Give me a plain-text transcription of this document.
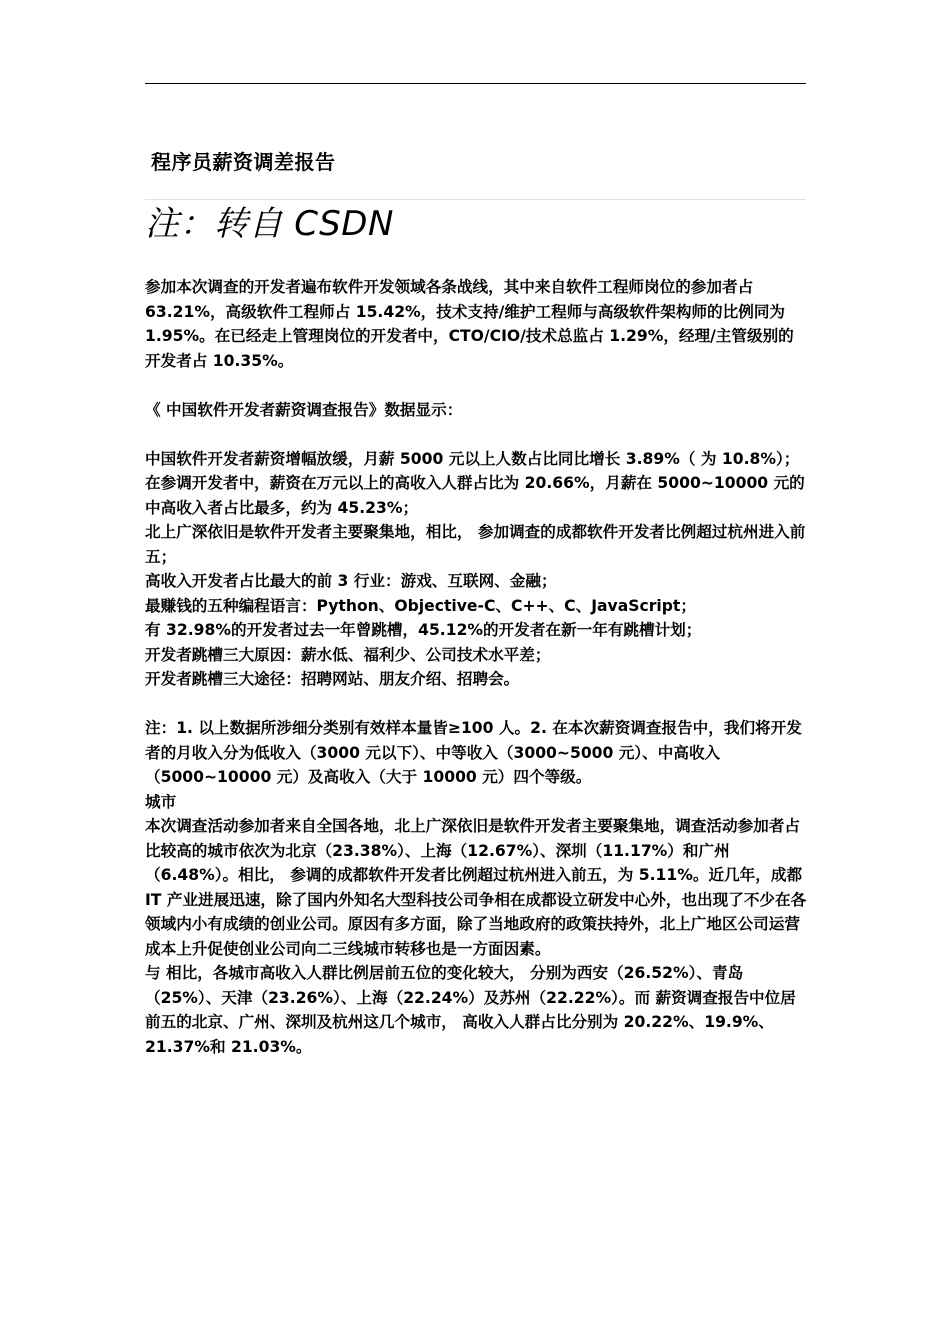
程序员薪资调差报告
注：转自 CSDN

参加本次调查的开发者遍布软件开发领域各条战线，其中来自软件工程师岗位的参加者占 63.21%，高级软件工程师占 15.42%，技术支持/维护工程师与高级软件架构师的比例同为 1.95%。在已经走上管理岗位的开发者中，CTO/CIO/技术总监占 1.29%，经理/主管级别的开发者占 10.35%。

《 中国软件开发者薪资调查报告》数据显示：

中国软件开发者薪资增幅放缓，月薪 5000 元以上人数占比同比增长 3.89%（ 为 10.8%）；

在参调开发者中，薪资在万元以上的高收入人群占比为 20.66%，月薪在 5000~10000 元的中高收入者占比最多，约为 45.23%；

北上广深依旧是软件开发者主要聚集地，相比， 参加调查的成都软件开发者比例超过杭州进入前五；

高收入开发者占比最大的前 3 行业：游戏、互联网、金融；

最赚钱的五种编程语言：Python、Objective-C、C++、C、JavaScript；

有 32.98%的开发者过去一年曾跳槽，45.12%的开发者在新一年有跳槽计划；

开发者跳槽三大原因：薪水低、福利少、公司技术水平差；

开发者跳槽三大途径：招聘网站、朋友介绍、招聘会。

注：1. 以上数据所涉细分类别有效样本量皆≥100 人。2. 在本次薪资调查报告中，我们将开发者的月收入分为低收入（3000 元以下）、中等收入（3000~5000 元）、中高收入（5000~10000 元）及高收入（大于 10000 元）四个等级。

城市

本次调查活动参加者来自全国各地，北上广深依旧是软件开发者主要聚集地，调查活动参加者占比较高的城市依次为北京（23.38%）、上海（12.67%）、深圳（11.17%）和广州（6.48%）。相比， 参调的成都软件开发者比例超过杭州进入前五，为 5.11%。近几年，成都 IT 产业进展迅速，除了国内外知名大型科技公司争相在成都设立研发中心外，也出现了不少在各领域内小有成绩的创业公司。原因有多方面，除了当地政府的政策扶持外，北上广地区公司运营成本上升促使创业公司向二三线城市转移也是一方面因素。

与 相比，各城市高收入人群比例居前五位的变化较大， 分别为西安（26.52%）、青岛（25%）、天津（23.26%）、上海（22.24%）及苏州（22.22%）。而 薪资调查报告中位居前五的北京、广州、深圳及杭州这几个城市， 高收入人群占比分别为 20.22%、19.9%、21.37%和 21.03%。
